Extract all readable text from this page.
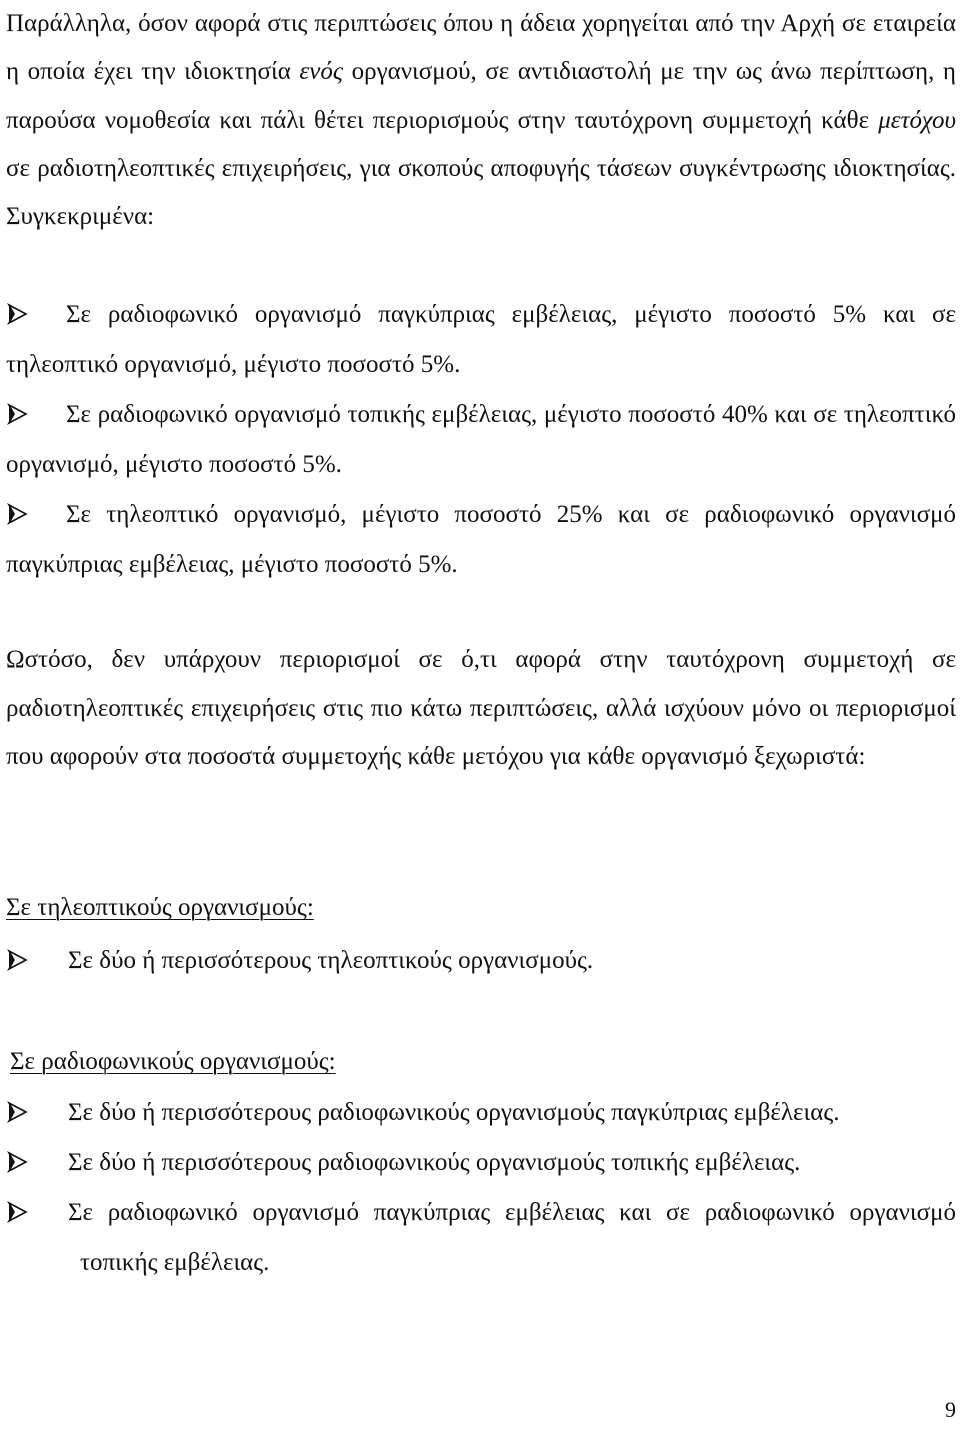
Παράλληλα, όσον αφορά στις περιπτώσεις όπου η άδεια χορηγείται από την Αρχή σε εταιρεία η οποία έχει την ιδιοκτησία ενός οργανισμού, σε αντιδιαστολή με την ως άνω περίπτωση, η παρούσα νομοθεσία και πάλι θέτει περιορισμούς στην ταυτόχρονη συμμετοχή κάθε μετόχου σε ραδιοτηλεοπτικές επιχειρήσεις, για σκοπούς αποφυγής τάσεων συγκέντρωσης ιδιοκτησίας. Συγκεκριμένα:

Σε ραδιοφωνικό οργανισμό παγκύπριας εμβέλειας, μέγιστο ποσοστό 5% και σε τηλεοπτικό οργανισμό, μέγιστο ποσοστό 5%.

Σε ραδιοφωνικό οργανισμό τοπικής εμβέλειας, μέγιστο ποσοστό 40% και σε τηλεοπτικό οργανισμό, μέγιστο ποσοστό 5%.

Σε τηλεοπτικό οργανισμό, μέγιστο ποσοστό 25% και σε ραδιοφωνικό οργανισμό παγκύπριας εμβέλειας, μέγιστο ποσοστό 5%.

Ωστόσο, δεν υπάρχουν περιορισμοί σε ό,τι αφορά στην ταυτόχρονη συμμετοχή σε ραδιοτηλεοπτικές επιχειρήσεις στις πιο κάτω περιπτώσεις, αλλά ισχύουν μόνο οι περιορισμοί που αφορούν στα ποσοστά συμμετοχής κάθε μετόχου για κάθε οργανισμό ξεχωριστά:
Σε τηλεοπτικούς οργανισμούς:

Σε δύο ή περισσότερους τηλεοπτικούς οργανισμούς.

Σε ραδιοφωνικούς οργανισμούς:

Σε δύο ή περισσότερους ραδιοφωνικούς οργανισμούς παγκύπριας εμβέλειας.

Σε δύο ή περισσότερους ραδιοφωνικούς οργανισμούς τοπικής εμβέλειας.

Σε ραδιοφωνικό οργανισμό παγκύπριας εμβέλειας και σε ραδιοφωνικό οργανισμό τοπικής εμβέλειας.

9
